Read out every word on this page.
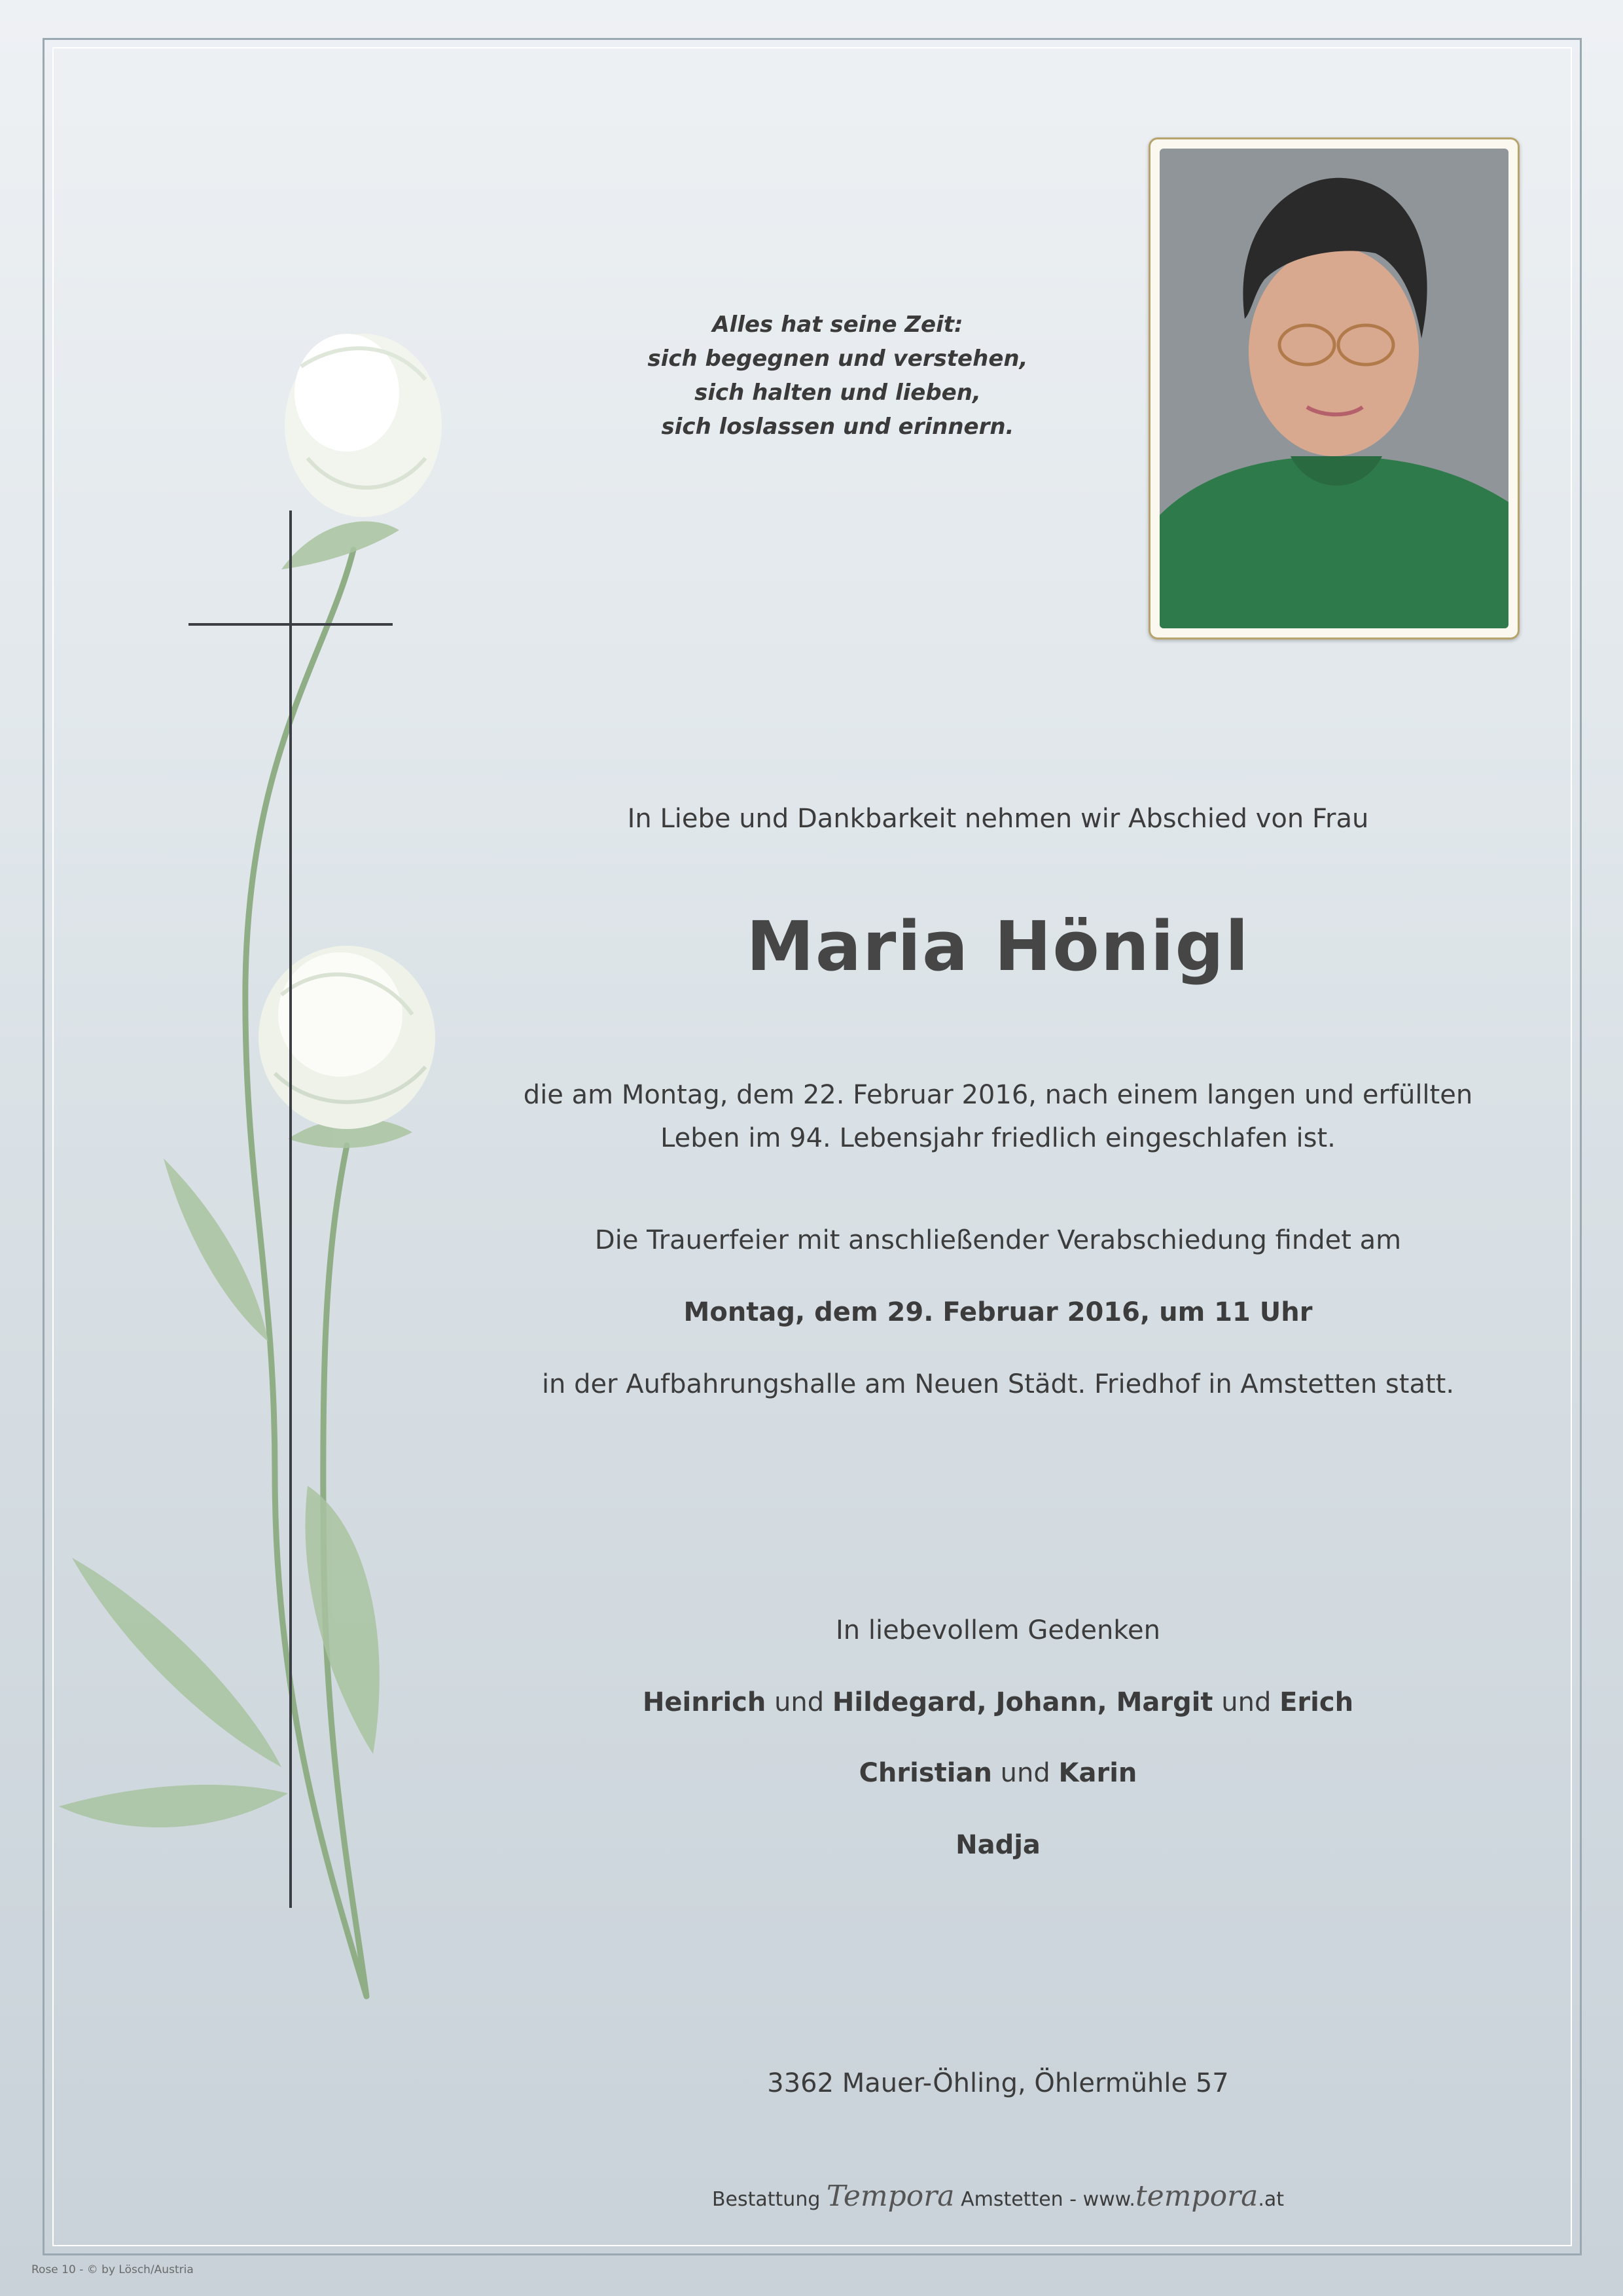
Alles hat seine Zeit:
sich begegnen und verstehen,
sich halten und lieben,
sich loslassen und erinnern.
In Liebe und Dankbarkeit nehmen wir Abschied von Frau
Maria Hönigl
die am Montag, dem 22. Februar 2016, nach einem langen und erfüllten
Leben im 94. Lebensjahr friedlich eingeschlafen ist.
Die Trauerfeier mit anschließender Verabschiedung findet am
Montag, dem 29. Februar 2016, um 11 Uhr
in der Aufbahrungshalle am Neuen Städt. Friedhof in Amstetten statt.
In liebevollem Gedenken
Heinrich und Hildegard, Johann, Margit und Erich
Christian und Karin
Nadja
3362 Mauer-Öhling, Öhlermühle 57
Bestattung Tempora Amstetten - www.tempora.at
Rose 10 - © by Lösch/Austria
